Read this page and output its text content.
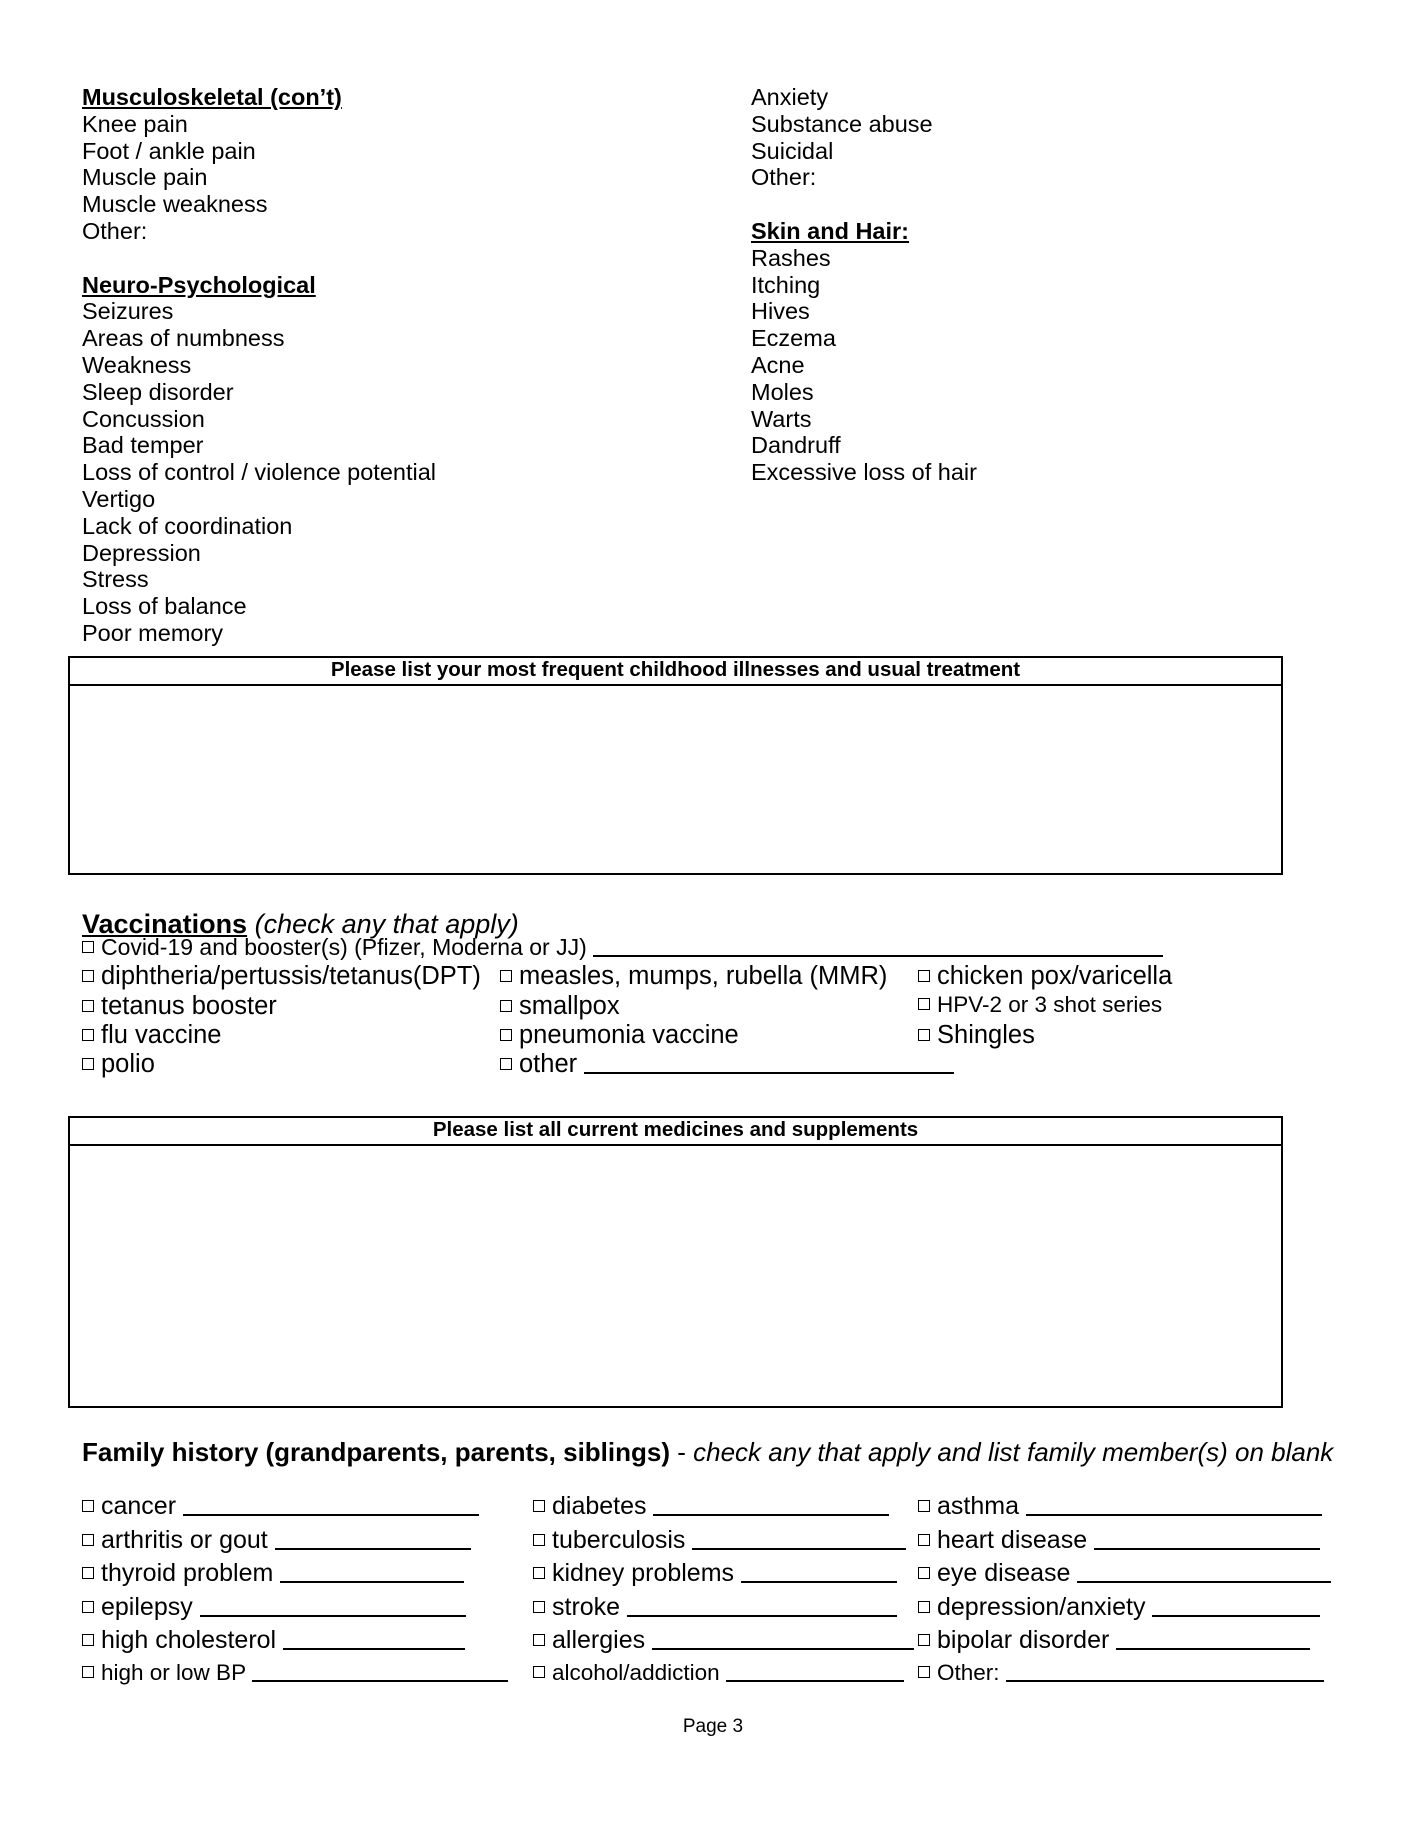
Musculoskeletal (con’t)
Knee pain
Foot / ankle pain
Muscle pain
Muscle weakness
Other:
Neuro-Psychological
Seizures
Areas of numbness
Weakness
Sleep disorder
Concussion
Bad temper
Loss of control / violence potential
Vertigo
Lack of coordination
Depression
Stress
Loss of balance
Poor memory
Anxiety
Substance abuse
Suicidal
Other:
Skin and Hair:
Rashes
Itching
Hives
Eczema
Acne
Moles
Warts
Dandruff
Excessive loss of hair
Please list your most frequent childhood illnesses and usual treatment
Vaccinations (check any that apply)
Covid-19 and booster(s) (Pfizer, Moderna or JJ)
diphtheria/pertussis/tetanus(DPT)
tetanus booster
flu vaccine
polio
measles, mumps, rubella (MMR)
smallpox
pneumonia vaccine
other
chicken pox/varicella
HPV-2 or 3 shot series
Shingles
Please list all current medicines and supplements
Family history (grandparents, parents, siblings) - check any that apply and list family member(s) on blank
cancer
arthritis or gout
thyroid problem
epilepsy
high cholesterol
high or low BP
diabetes
tuberculosis
kidney problems
stroke
allergies
alcohol/addiction
asthma
heart disease
eye disease
depression/anxiety
bipolar disorder
Other:
Page 3
